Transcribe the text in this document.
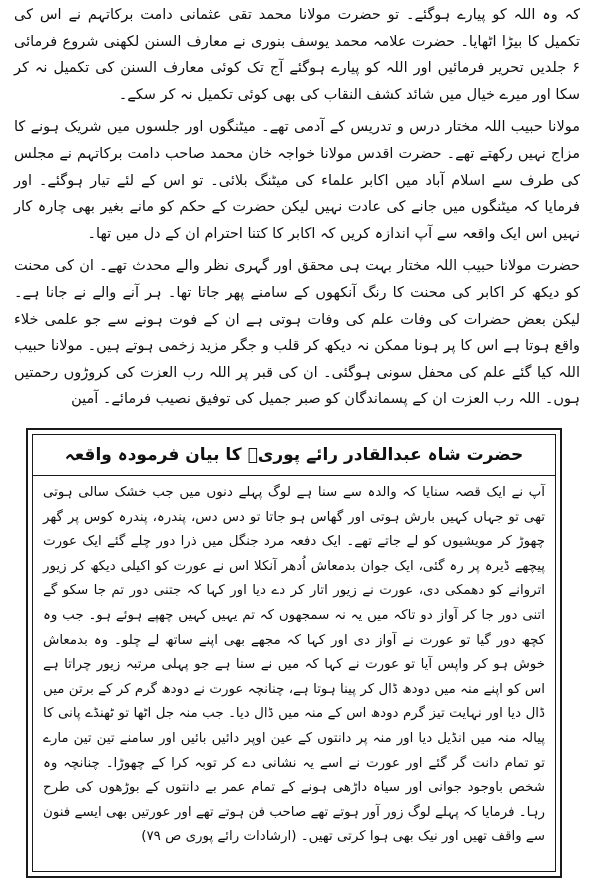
کہ وہ اللہ کو پیارے ہوگئے۔ تو حضرت مولانا محمد تقی عثمانی دامت برکاتہم نے اس کی تکمیل کا بیڑا اٹھایا۔ حضرت علامہ محمد یوسف بنوری نے معارف السنن لکھنی شروع فرمائی ۶ جلدیں تحریر فرمائیں اور اللہ کو پیارے ہوگئے آج تک کوئی معارف السنن کی تکمیل نہ کر سکا اور میرے خیال میں شائد کشف النقاب کی بھی کوئی تکمیل نہ کر سکے۔

مولانا حبیب اللہ مختار درس و تدریس کے آدمی تھے۔ میٹنگوں اور جلسوں میں شریک ہونے کا مزاج نہیں رکھتے تھے۔ حضرت اقدس مولانا خواجہ خان محمد صاحب دامت برکاتہم نے مجلس کی طرف سے اسلام آباد میں اکابر علماء کی میٹنگ بلائی۔ تو اس کے لئے تیار ہوگئے۔ اور فرمایا کہ میٹنگوں میں جانے کی عادت نہیں لیکن حضرت کے حکم کو مانے بغیر بھی چارہ کار نہیں اس ایک واقعہ سے آپ اندازہ کریں کہ اکابر کا کتنا احترام ان کے دل میں تھا۔

حضرت مولانا حبیب اللہ مختار بہت ہی محقق اور گہری نظر والے محدث تھے۔ ان کی محنت کو دیکھ کر اکابر کی محنت کا رنگ آنکھوں کے سامنے پھر جاتا تھا۔ ہر آنے والے نے جانا ہے۔ لیکن بعض حضرات کی وفات علم کی وفات ہوتی ہے ان کے فوت ہونے سے جو علمی خلاء واقع ہوتا ہے اس کا پر ہونا ممکن نہ دیکھ کر قلب و جگر مزید زخمی ہوتے ہیں۔ مولانا حبیب اللہ کیا گئے علم کی محفل سونی ہوگئی۔ ان کی قبر پر اللہ رب العزت کی کروڑوں رحمتیں ہوں۔ اللہ رب العزت ان کے پسماندگان کو صبر جمیل کی توفیق نصیب فرمائے۔ آمین

حضرت شاہ عبدالقادر رائے پوریؒ کا بیان فرمودہ واقعہ

آپ نے ایک قصہ سنایا کہ والدہ سے سنا ہے لوگ پہلے دنوں میں جب خشک سالی ہوتی تھی تو جہاں کہیں بارش ہوتی اور گھاس ہو جاتا تو دس دس، پندرہ، پندرہ کوس پر گھر چھوڑ کر مویشیوں کو لے جاتے تھے۔ ایک دفعہ مرد جنگل میں ذرا دور چلے گئے ایک عورت پیچھے ڈیرہ پر رہ گئی، ایک جوان بدمعاش اُدھر آنکلا اس نے عورت کو اکیلی دیکھ کر زیور اتروانے کو دھمکی دی، عورت نے زیور اتار کر دے دیا اور کہا کہ جتنی دور تم جا سکو گے اتنی دور جا کر آواز دو تاکہ میں یہ نہ سمجھوں کہ تم یہیں کہیں چھپے ہوئے ہو۔ جب وہ کچھ دور گیا تو عورت نے آواز دی اور کہا کہ مجھے بھی اپنے ساتھ لے چلو۔ وہ بدمعاش خوش ہو کر واپس آیا تو عورت نے کہا کہ میں نے سنا ہے جو پہلی مرتبہ زیور چراتا ہے اس کو اپنے منہ میں دودھ ڈال کر پینا ہوتا ہے، چنانچہ عورت نے دودھ گرم کر کے برتن میں ڈال دیا اور نہایت تیز گرم دودھ اس کے منہ میں ڈال دیا۔ جب منہ جل اٹھا تو ٹھنڈے پانی کا پیالہ منہ میں انڈیل دیا اور منہ پر دانتوں کے عین اوپر دائیں بائیں اور سامنے تین تین مارے تو تمام دانت گر گئے اور عورت نے اسے یہ نشانی دے کر توبہ کرا کے چھوڑا۔ چنانچہ وہ شخص باوجود جوانی اور سیاہ داڑھی ہونے کے تمام عمر بے دانتوں کے بوڑھوں کی طرح رہا۔ فرمایا کہ پہلے لوگ زور آور ہوتے تھے صاحب فن ہوتے تھے اور عورتیں بھی ایسے فنون سے واقف تھیں اور نیک بھی ہوا کرتی تھیں۔ (ارشادات رائے پوری ص ۷۹)
